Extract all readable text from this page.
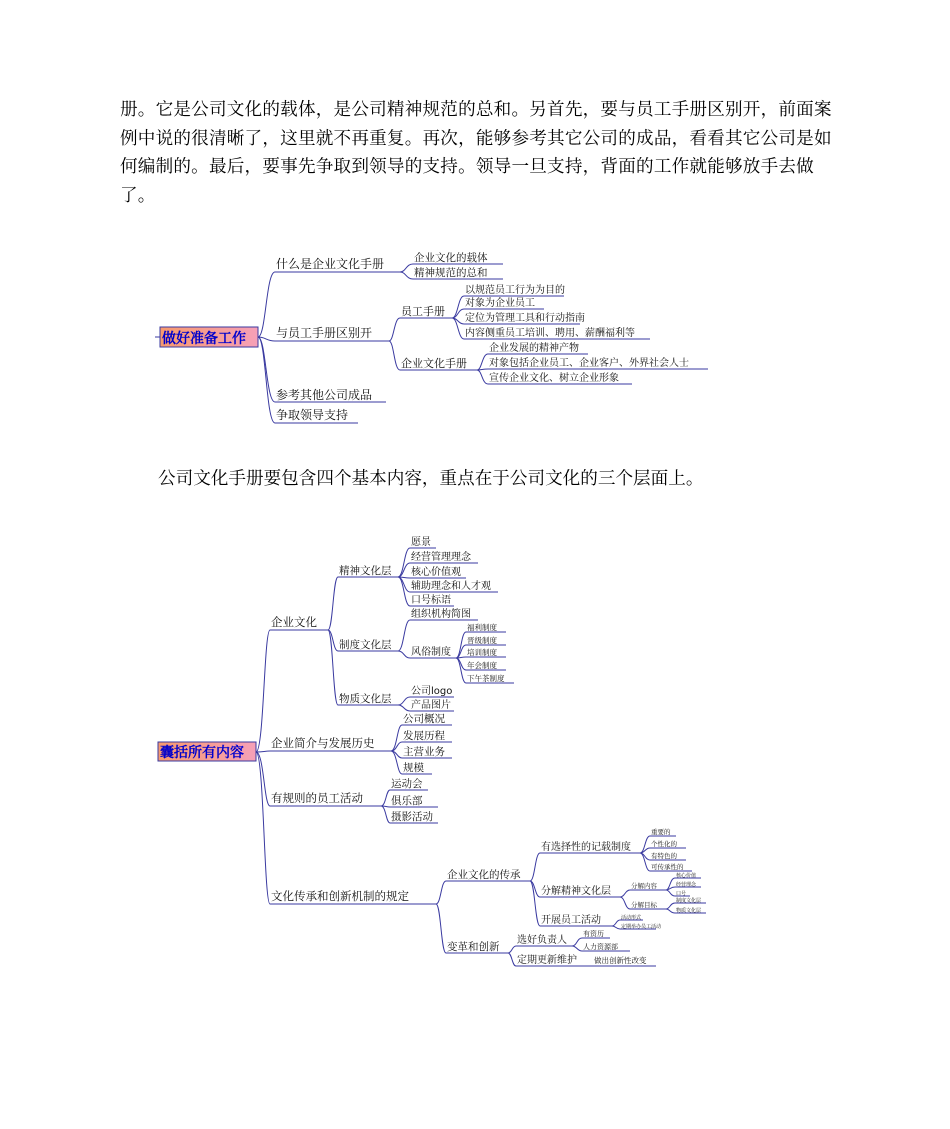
册。它是公司文化的载体，是公司精神规范的总和。另首先，要与员工手册区别开，前面案例中说的很清晰了，这里就不再重复。再次，能够参考其它公司的成品，看看其它公司是如何编制的。最后，要事先争取到领导的支持。领导一旦支持，背面的工作就能够放手去做了。

做好准备工作
什么是企业文化手册	企业文化的载体
精神规范的总和
与员工手册区别开
员工手册
以规范员工行为为目的
对象为企业员工
定位为管理工具和行动指南
内容侧重员工培训、聘用、薪酬福利等
企业文化手册
企业发展的精神产物
对象包括企业员工、企业客户、外界社会人士
宣传企业文化、树立企业形象
参考其他公司成品
争取领导支持
囊括所有内容
企业文化
精神文化层
愿景
经营管理理念
核心价值观
辅助理念和人才观
口号标语
制度文化层
组织机构简图
风俗制度
福利制度
晋级制度
培训制度
年会制度
下午茶制度
物质文化层
公司logo
产品图片
企业简介与发展历史
公司概况
发展历程
主营业务
规模
有规则的员工活动
运动会
俱乐部
摄影活动
文化传承和创新机制的规定
企业文化的传承
有选择性的记载制度
重要的
个性化的
有特色的
可传承性的
分解精神文化层	分解内容
核心价值
经营理念
口号
分解目标	制度文化层
物质文化层
开展员工活动	活动形式
定期举办员工活动
变革和创新
选好负责人
有资历
人力资源部
定期更新维护 做出创新性改变

公司文化手册要包含四个基本内容，重点在于公司文化的三个层面上。
